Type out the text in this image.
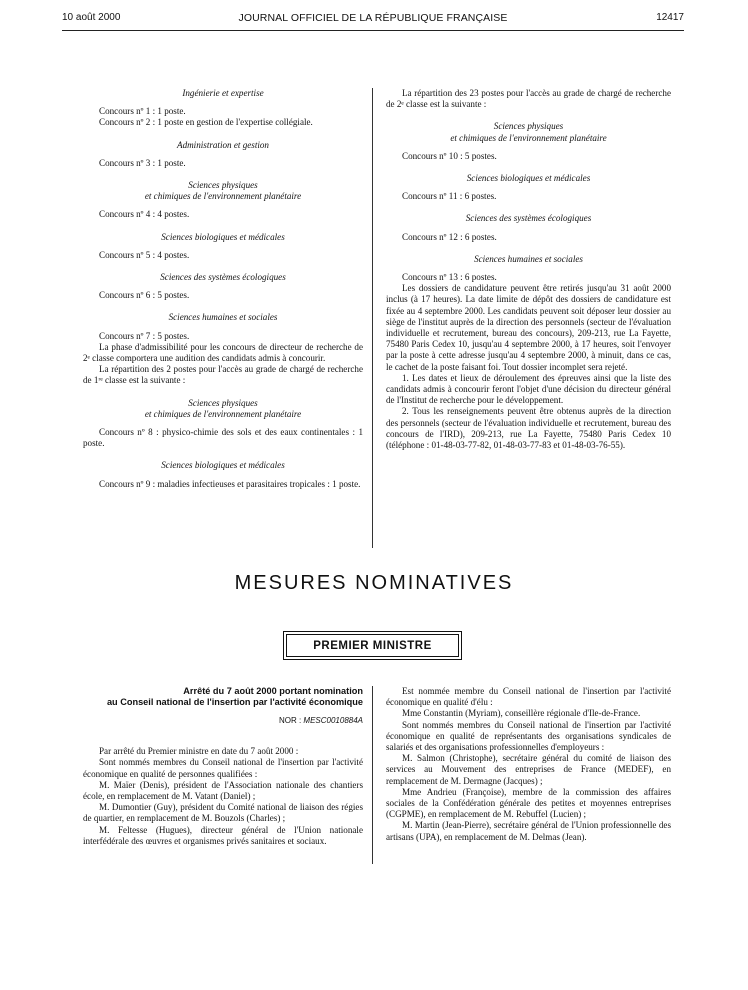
10 août 2000	JOURNAL OFFICIEL DE LA RÉPUBLIQUE FRANÇAISE	12417

Ingénierie et expertise

Concours nº 1 : 1 poste.

Concours nº 2 : 1 poste en gestion de l'expertise collégiale.

Administration et gestion

Concours nº 3 : 1 poste.

Sciences physiques
et chimiques de l'environnement planétaire

Concours nº 4 : 4 postes.

Sciences biologiques et médicales

Concours nº 5 : 4 postes.

Sciences des systèmes écologiques

Concours nº 6 : 5 postes.

Sciences humaines et sociales

Concours nº 7 : 5 postes.

La phase d'admissibilité pour les concours de directeur de recherche de 2ᵉ classe comportera une audition des candidats admis à concourir.

La répartition des 2 postes pour l'accès au grade de chargé de recherche de 1ʳᵉ classe est la suivante :

Sciences physiques
et chimiques de l'environnement planétaire

Concours nº 8 : physico-chimie des sols et des eaux continentales : 1 poste.

Sciences biologiques et médicales

Concours nº 9 : maladies infectieuses et parasitaires tropicales : 1 poste.

La répartition des 23 postes pour l'accès au grade de chargé de recherche de 2ᵉ classe est la suivante :

Sciences physiques
et chimiques de l'environnement planétaire

Concours nº 10 : 5 postes.

Sciences biologiques et médicales

Concours nº 11 : 6 postes.

Sciences des systèmes écologiques

Concours nº 12 : 6 postes.

Sciences humaines et sociales

Concours nº 13 : 6 postes.

Les dossiers de candidature peuvent être retirés jusqu'au 31 août 2000 inclus (à 17 heures). La date limite de dépôt des dossiers de candidature est fixée au 4 septembre 2000. Les candidats peuvent soit déposer leur dossier au siège de l'institut auprès de la direction des personnels (secteur de l'évaluation individuelle et recrutement, bureau des concours), 209-213, rue La Fayette, 75480 Paris Cedex 10, jusqu'au 4 septembre 2000, à 17 heures, soit l'envoyer par la poste à cette adresse jusqu'au 4 septembre 2000, à minuit, dans ce cas, le cachet de la poste faisant foi. Tout dossier incomplet sera rejeté.

1. Les dates et lieux de déroulement des épreuves ainsi que la liste des candidats admis à concourir feront l'objet d'une décision du directeur général de l'Institut de recherche pour le développement.

2. Tous les renseignements peuvent être obtenus auprès de la direction des personnels (secteur de l'évaluation individuelle et recrutement, bureau des concours de l'IRD), 209-213, rue La Fayette, 75480 Paris Cedex 10 (téléphone : 01-48-03-77-82, 01-48-03-77-83 et 01-48-03-76-55).

MESURES NOMINATIVES
PREMIER MINISTRE
Arrêté du 7 août 2000 portant nomination
au Conseil national de l'insertion par l'activité économique
NOR : MESC0010884A

Par arrêté du Premier ministre en date du 7 août 2000 :

Sont nommés membres du Conseil national de l'insertion par l'activité économique en qualité de personnes qualifiées :

M. Maïer (Denis), président de l'Association nationale des chantiers école, en remplacement de M. Vatant (Daniel) ;

M. Dumontier (Guy), président du Comité national de liaison des régies de quartier, en remplacement de M. Bouzols (Charles) ;

M. Feltesse (Hugues), directeur général de l'Union nationale interfédérale des œuvres et organismes privés sanitaires et sociaux.

Est nommée membre du Conseil national de l'insertion par l'activité économique en qualité d'élu :

Mme Constantin (Myriam), conseillère régionale d'Ile-de-France.

Sont nommés membres du Conseil national de l'insertion par l'activité économique en qualité de représentants des organisations syndicales de salariés et des organisations professionnelles d'employeurs :

M. Salmon (Christophe), secrétaire général du comité de liaison des services au Mouvement des entreprises de France (MEDEF), en remplacement de M. Dermagne (Jacques) ;

Mme Andrieu (Françoise), membre de la commission des affaires sociales de la Confédération générale des petites et moyennes entreprises (CGPME), en remplacement de M. Rebuffel (Lucien) ;

M. Martin (Jean-Pierre), secrétaire général de l'Union professionnelle des artisans (UPA), en remplacement de M. Delmas (Jean).
